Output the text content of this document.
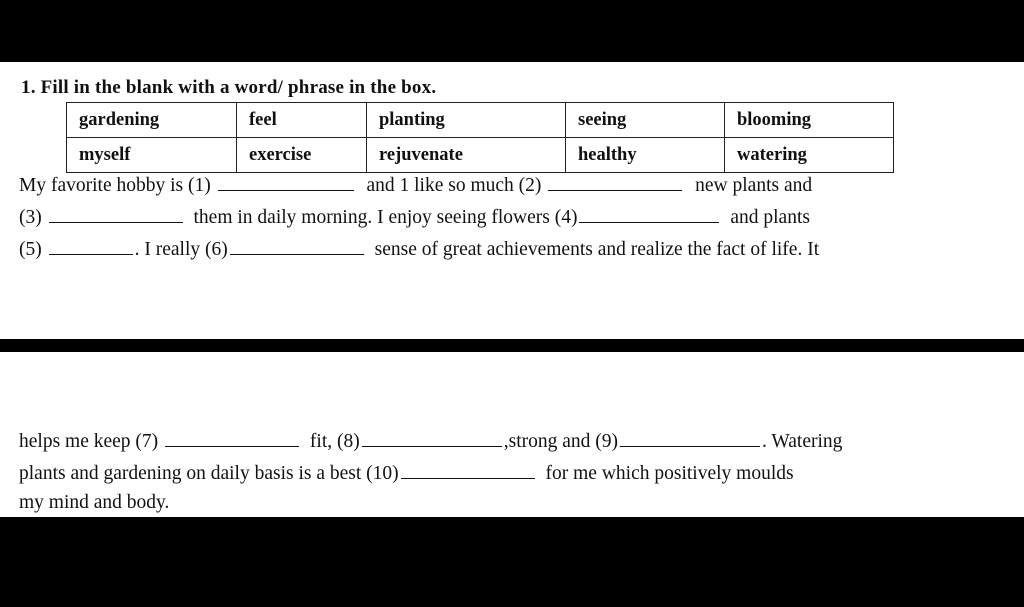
1. Fill in the blank with a word/ phrase in the box.
gardening	feel	planting	seeing	blooming
myself	exercise	rejuvenate	healthy	watering
My favorite hobby is (1)	and 1 like so much (2)	new plants and
(3)	them in daily morning. I enjoy seeing flowers (4)	and plants
(5)	. I really (6)	sense of great achievements and realize the fact of life. It
helps me keep (7)	fit, (8)	,strong and (9)	. Watering
plants and gardening on daily basis is a best (10)	for me which positively moulds
my mind and body.
